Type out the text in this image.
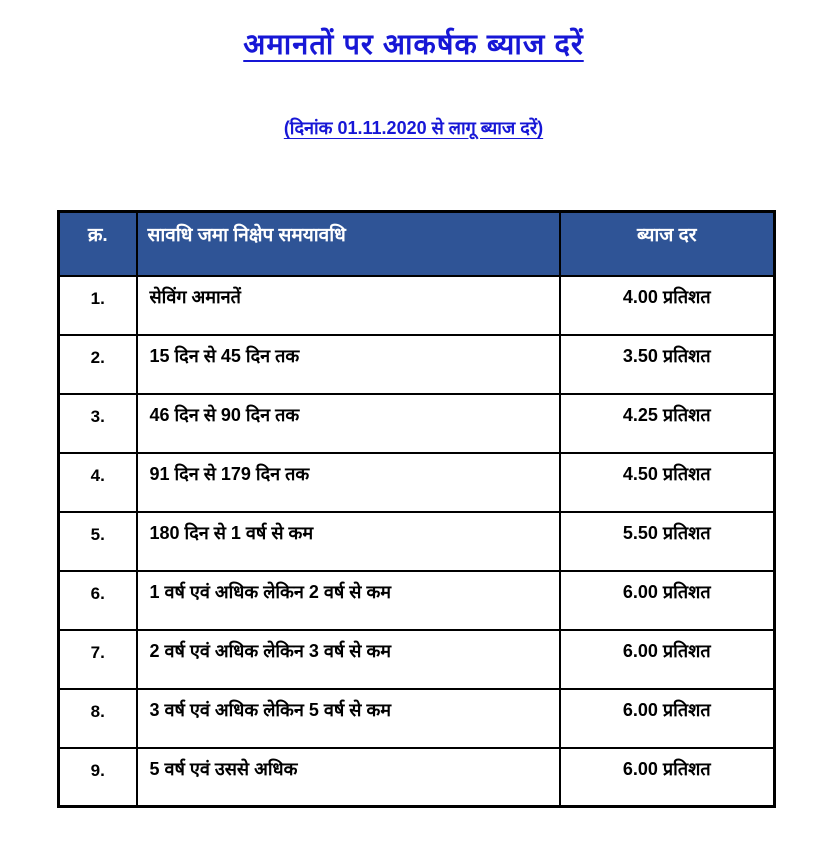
अमानतों पर आकर्षक ब्याज दरें
(दिनांक 01.11.2020 से लागू ब्याज दरें)
क्र.	सावधि जमा निक्षेप समयावधि	ब्याज दर
1.	सेविंग अमानतें	4.00 प्रतिशत
2.	15 दिन से 45 दिन तक	3.50 प्रतिशत
3.	46 दिन से 90 दिन तक	4.25 प्रतिशत
4.	91 दिन से 179 दिन तक	4.50 प्रतिशत
5.	180 दिन से 1 वर्ष से कम	5.50 प्रतिशत
6.	1 वर्ष एवं अधिक लेकिन 2 वर्ष से कम	6.00 प्रतिशत
7.	2 वर्ष एवं अधिक लेकिन 3 वर्ष से कम	6.00 प्रतिशत
8.	3 वर्ष एवं अधिक लेकिन 5 वर्ष से कम	6.00 प्रतिशत
9.	5 वर्ष एवं उससे अधिक	6.00 प्रतिशत
